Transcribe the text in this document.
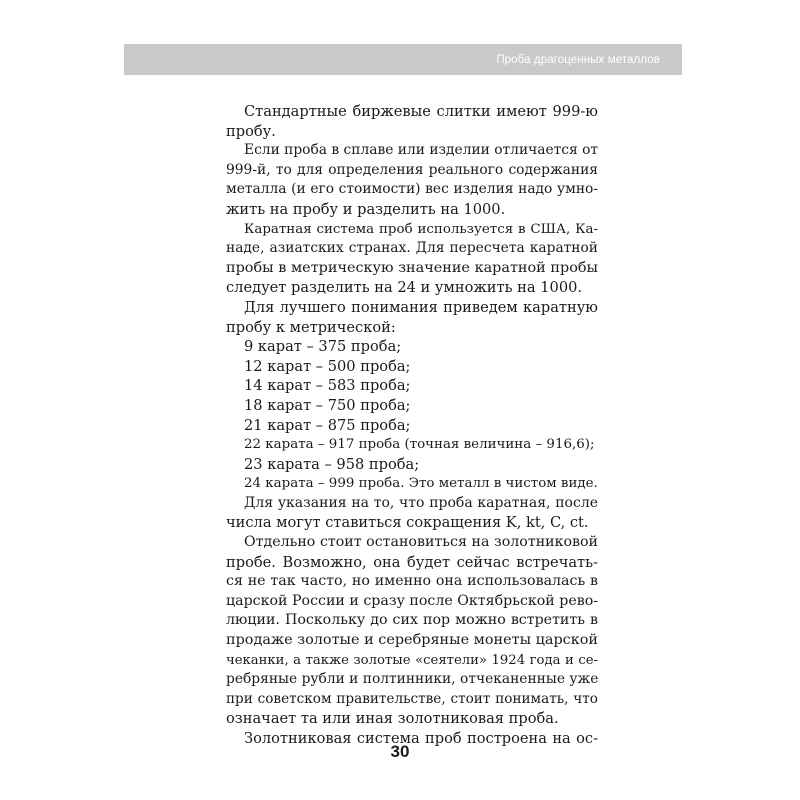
Проба драгоценных металлов
Стандартные биржевые слитки имеют 999-ю
пробу.
Если проба в сплаве или изделии отличается от
999-й, то для определения реального содержания
металла (и его стоимости) вес изделия надо умно-
жить на пробу и разделить на 1000.
Каратная система проб используется в США, Ка-
наде, азиатских странах. Для пересчета каратной
пробы в метрическую значение каратной пробы
следует разделить на 24 и умножить на 1000.
Для лучшего понимания приведем каратную
пробу к метрической:
9 карат – 375 проба;
12 карат – 500 проба;
14 карат – 583 проба;
18 карат – 750 проба;
21 карат – 875 проба;
22 карата – 917 проба (точная величина – 916,6);
23 карата – 958 проба;
24 карата – 999 проба. Это металл в чистом виде.
Для указания на то, что проба каратная, после
числа могут ставиться сокращения K, kt, C, ct.
Отдельно стоит остановиться на золотниковой
пробе. Возможно, она будет сейчас встречать-
ся не так часто, но именно она использовалась в
царской России и сразу после Октябрьской рево-
люции. Поскольку до сих пор можно встретить в
продаже золотые и серебряные монеты царской
чеканки, а также золотые «сеятели» 1924 года и се-
ребряные рубли и полтинники, отчеканенные уже
при советском правительстве, стоит понимать, что
означает та или иная золотниковая проба.
Золотниковая система проб построена на ос-
30
